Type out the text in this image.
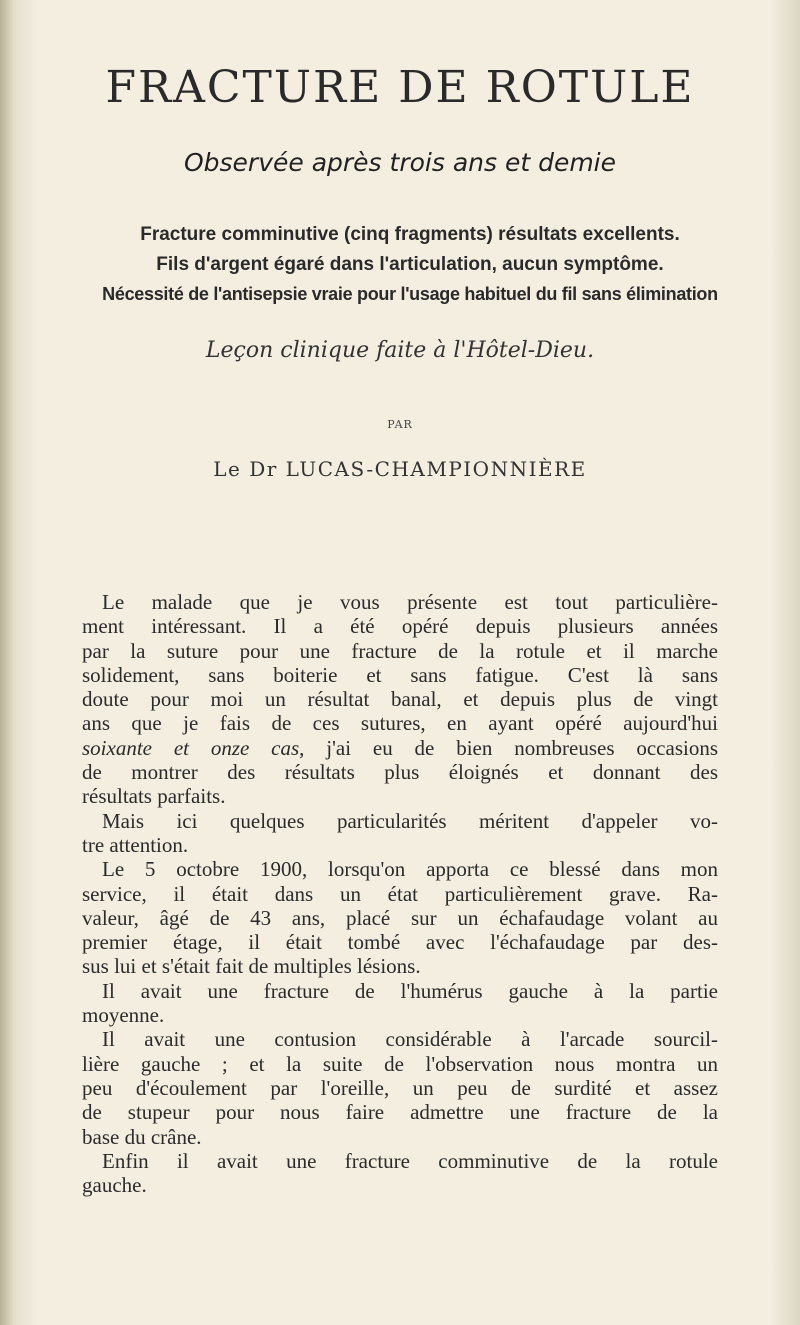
FRACTURE DE ROTULE
Observée après trois ans et demie
Fracture comminutive (cinq fragments) résultats excellents.
Fils d'argent égaré dans l'articulation, aucun symptôme.
Nécessité de l'antisepsie vraie pour l'usage habituel du fil sans élimination
Leçon clinique faite à l'Hôtel-Dieu.
PAR
Le Dr LUCAS-CHAMPIONNIÈRE
Le malade que je vous présente est tout particulière-
ment intéressant. Il a été opéré depuis plusieurs années
par la suture pour une fracture de la rotule et il marche
solidement, sans boiterie et sans fatigue. C'est là sans
doute pour moi un résultat banal, et depuis plus de vingt
ans que je fais de ces sutures, en ayant opéré aujourd'hui
soixante et onze cas, j'ai eu de bien nombreuses occasions
de montrer des résultats plus éloignés et donnant des
résultats parfaits.
Mais ici quelques particularités méritent d'appeler vo-
tre attention.
Le 5 octobre 1900, lorsqu'on apporta ce blessé dans mon
service, il était dans un état particulièrement grave. Ra-
valeur, âgé de 43 ans, placé sur un échafaudage volant au
premier étage, il était tombé avec l'échafaudage par des-
sus lui et s'était fait de multiples lésions.
Il avait une fracture de l'humérus gauche à la partie
moyenne.
Il avait une contusion considérable à l'arcade sourcil-
lière gauche ; et la suite de l'observation nous montra un
peu d'écoulement par l'oreille, un peu de surdité et assez
de stupeur pour nous faire admettre une fracture de la
base du crâne.
Enfin il avait une fracture comminutive de la rotule
gauche.
